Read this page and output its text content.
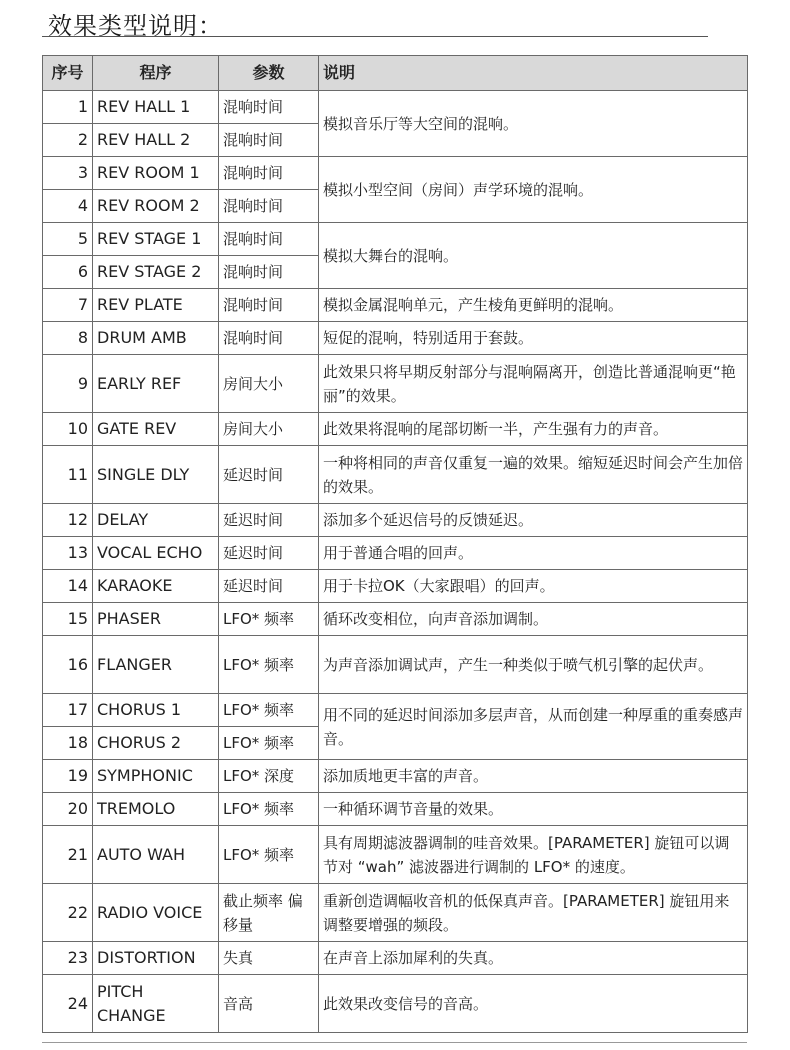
效果类型说明：
序号	程序	参数	说明
1	REV HALL 1	混响时间	模拟音乐厅等大空间的混响。
2	REV HALL 2	混响时间	
3	REV ROOM 1	混响时间	模拟小型空间（房间）声学环境的混响。
4	REV ROOM 2	混响时间	
5	REV STAGE 1	混响时间	模拟大舞台的混响。
6	REV STAGE 2	混响时间	
7	REV PLATE	混响时间	模拟金属混响单元，产生棱角更鲜明的混响。
8	DRUM AMB	混响时间	短促的混响，特别适用于套鼓。
9	EARLY REF	房间大小	此效果只将早期反射部分与混响隔离开，创造比普通混响更“艳丽”的效果。
10	GATE REV	房间大小	此效果将混响的尾部切断一半，产生强有力的声音。
11	SINGLE DLY	延迟时间	一种将相同的声音仅重复一遍的效果。缩短延迟时间会产生加倍的效果。
12	DELAY	延迟时间	添加多个延迟信号的反馈延迟。
13	VOCAL ECHO	延迟时间	用于普通合唱的回声。
14	KARAOKE	延迟时间	用于卡拉OK（大家跟唱）的回声。
15	PHASER	LFO* 频率	循环改变相位，向声音添加调制。
16	FLANGER	LFO* 频率	为声音添加调试声，产生一种类似于喷气机引擎的起伏声。
17	CHORUS 1	LFO* 频率	用不同的延迟时间添加多层声音，从而创建一种厚重的重奏感声音。
18	CHORUS 2	LFO* 频率	
19	SYMPHONIC	LFO* 深度	添加质地更丰富的声音。
20	TREMOLO	LFO* 频率	一种循环调节音量的效果。
21	AUTO WAH	LFO* 频率	具有周期滤波器调制的哇音效果。[PARAMETER] 旋钮可以调节对 “wah” 滤波器进行调制的 LFO* 的速度。
22	RADIO VOICE	截止频率 偏移量	重新创造调幅收音机的低保真声音。[PARAMETER] 旋钮用来调整要增强的频段。
23	DISTORTION	失真	在声音上添加犀利的失真。
24	PITCH CHANGE	音高	此效果改变信号的音高。
